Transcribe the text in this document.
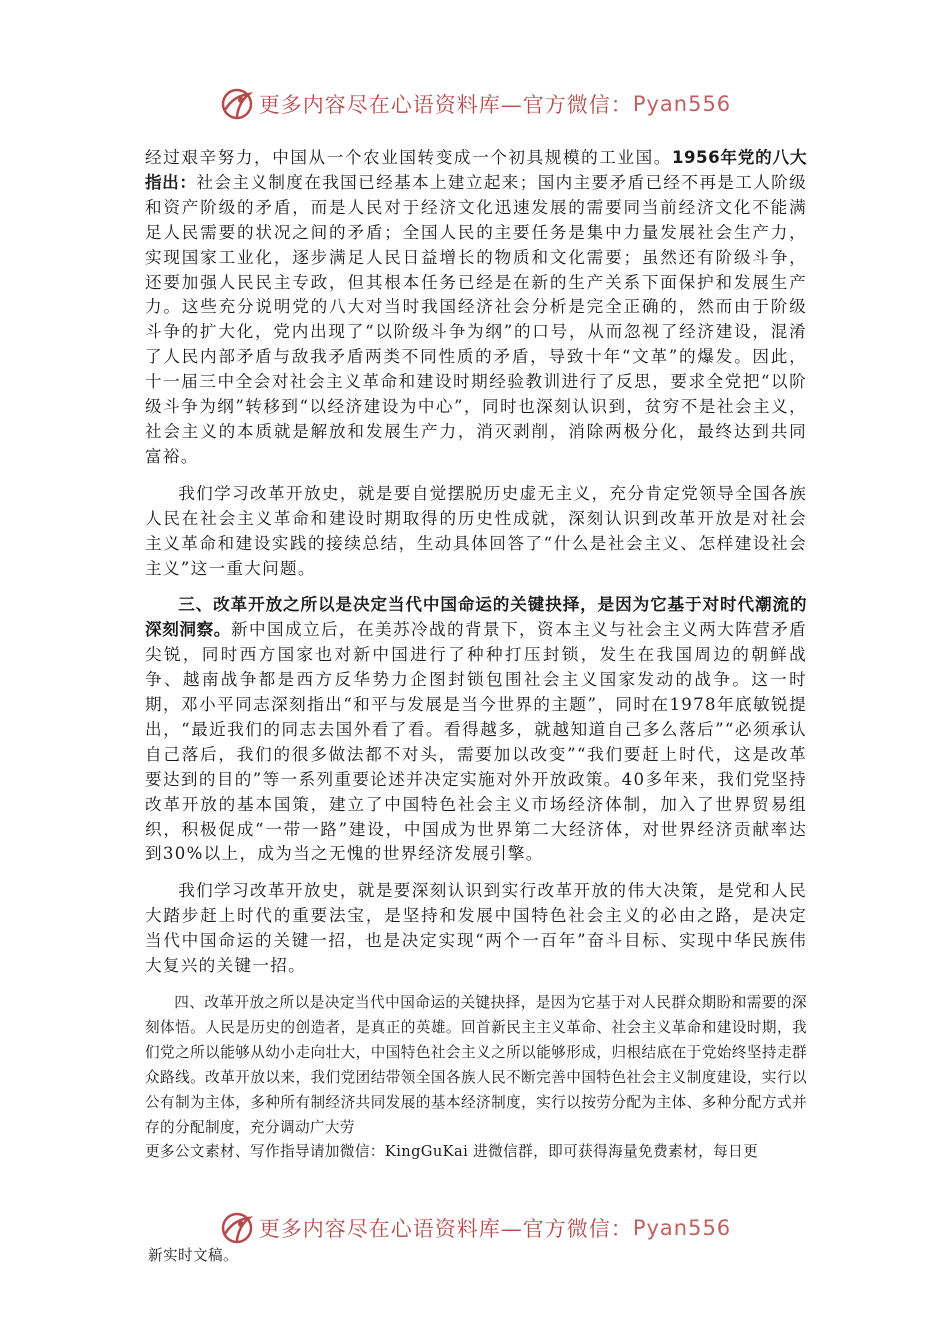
更多内容尽在心语资料库—官方微信： Pyan556

经过艰辛努力，中国从一个农业国转变成一个初具规模的工业国。1956年党的八大指出：社会主义制度在我国已经基本上建立起来；国内主要矛盾已经不再是工人阶级和资产阶级的矛盾，而是人民对于经济文化迅速发展的需要同当前经济文化不能满足人民需要的状况之间的矛盾；全国人民的主要任务是集中力量发展社会生产力，实现国家工业化，逐步满足人民日益增长的物质和文化需要；虽然还有阶级斗争，还要加强人民民主专政，但其根本任务已经是在新的生产关系下面保护和发展生产力。这些充分说明党的八大对当时我国经济社会分析是完全正确的，然而由于阶级斗争的扩大化，党内出现了“以阶级斗争为纲”的口号，从而忽视了经济建设，混淆了人民内部矛盾与敌我矛盾两类不同性质的矛盾，导致十年“文革”的爆发。因此，十一届三中全会对社会主义革命和建设时期经验教训进行了反思，要求全党把“以阶级斗争为纲”转移到“以经济建设为中心”，同时也深刻认识到，贫穷不是社会主义，社会主义的本质就是解放和发展生产力，消灭剥削，消除两极分化，最终达到共同富裕。

我们学习改革开放史，就是要自觉摆脱历史虚无主义，充分肯定党领导全国各族人民在社会主义革命和建设时期取得的历史性成就，深刻认识到改革开放是对社会主义革命和建设实践的接续总结，生动具体回答了“什么是社会主义、怎样建设社会主义”这一重大问题。

三、改革开放之所以是决定当代中国命运的关键抉择，是因为它基于对时代潮流的深刻洞察。新中国成立后，在美苏冷战的背景下，资本主义与社会主义两大阵营矛盾尖锐，同时西方国家也对新中国进行了种种打压封锁，发生在我国周边的朝鲜战争、越南战争都是西方反华势力企图封锁包围社会主义国家发动的战争。这一时期，邓小平同志深刻指出“和平与发展是当今世界的主题”，同时在1978年底敏锐提出，“最近我们的同志去国外看了看。看得越多，就越知道自己多么落后”“必须承认自己落后，我们的很多做法都不对头，需要加以改变”“我们要赶上时代，这是改革要达到的目的”等一系列重要论述并决定实施对外开放政策。40多年来，我们党坚持改革开放的基本国策，建立了中国特色社会主义市场经济体制，加入了世界贸易组织，积极促成“一带一路”建设，中国成为世界第二大经济体，对世界经济贡献率达到30%以上，成为当之无愧的世界经济发展引擎。

我们学习改革开放史，就是要深刻认识到实行改革开放的伟大决策，是党和人民大踏步赶上时代的重要法宝，是坚持和发展中国特色社会主义的必由之路，是决定当代中国命运的关键一招，也是决定实现“两个一百年”奋斗目标、实现中华民族伟大复兴的关键一招。

四、改革开放之所以是决定当代中国命运的关键抉择，是因为它基于对人民群众期盼和需要的深刻体悟。人民是历史的创造者，是真正的英雄。回首新民主主义革命、社会主义革命和建设时期，我们党之所以能够从幼小走向壮大，中国特色社会主义之所以能够形成，归根结底在于党始终坚持走群众路线。改革开放以来，我们党团结带领全国各族人民不断完善中国特色社会主义制度建设，实行以公有制为主体，多种所有制经济共同发展的基本经济制度，实行以按劳分配为主体、多种分配方式并存的分配制度，充分调动广大劳

更多公文素材、写作指导请加微信：KingGuKai 进微信群，即可获得海量免费素材，每日更

更多内容尽在心语资料库—官方微信： Pyan556
新实时文稿。
